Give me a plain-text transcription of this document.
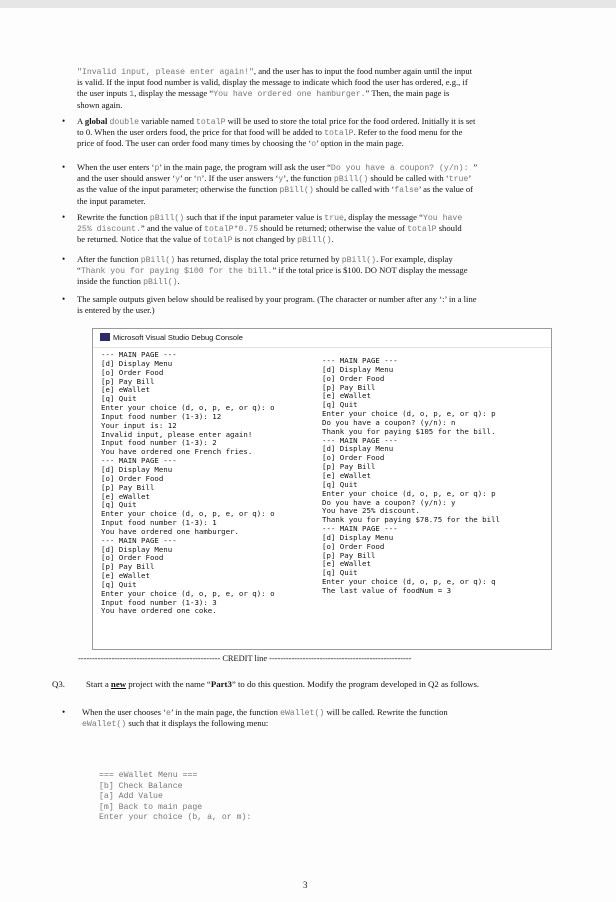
"Invalid input, please enter again!", and the user has to input the food number again until the input
is valid. If the input food number is valid, display the message to indicate which food the user has ordered, e.g., if
the user inputs 1, display the message “You have ordered one hamburger.” Then, the main page is
shown again.
• A global double variable named totalP will be used to store the total price for the food ordered. Initially it is set
to 0. When the user orders food, the price for that food will be added to totalP. Refer to the food menu for the
price of food. The user can order food many times by choosing the ‘o’ option in the main page.
• When the user enters ‘p’ in the main page, the program will ask the user “Do you have a coupon? (y/n): ”
and the user should answer ‘y’ or ‘n’. If the user answers ‘y’, the function pBill() should be called with ‘true’
as the value of the input parameter; otherwise the function pBill() should be called with ‘false’ as the value of
the input parameter.
• Rewrite the function pBill() such that if the input parameter value is true, display the message “You have
25% discount.” and the value of totalP*0.75 should be returned; otherwise the value of totalP should
be returned. Notice that the value of totalP is not changed by pBill().
• After the function pBill() has returned, display the total price returned by pBill(). For example, display
“Thank you for paying $100 for the bill.” if the total price is $100. DO NOT display the message
inside the function pBill().
• The sample outputs given below should be realised by your program. (The character or number after any ‘:’ in a line
is entered by the user.)
Microsoft Visual Studio Debug Console
--- MAIN PAGE ---
[d] Display Menu
[o] Order Food
[p] Pay Bill
[e] eWallet
[q] Quit
Enter your choice (d, o, p, e, or q): o
Input food number (1-3): 12
Your input is: 12
Invalid input, please enter again!
Input food number (1-3): 2
You have ordered one French fries.
--- MAIN PAGE ---
[d] Display Menu
[o] Order Food
[p] Pay Bill
[e] eWallet
[q] Quit
Enter your choice (d, o, p, e, or q): o
Input food number (1-3): 1
You have ordered one hamburger.
--- MAIN PAGE ---
[d] Display Menu
[o] Order Food
[p] Pay Bill
[e] eWallet
[q] Quit
Enter your choice (d, o, p, e, or q): o
Input food number (1-3): 3
You have ordered one coke.
--- MAIN PAGE ---
[d] Display Menu
[o] Order Food
[p] Pay Bill
[e] eWallet
[q] Quit
Enter your choice (d, o, p, e, or q): p
Do you have a coupon? (y/n): n
Thank you for paying $105 for the bill.
--- MAIN PAGE ---
[d] Display Menu
[o] Order Food
[p] Pay Bill
[e] eWallet
[q] Quit
Enter your choice (d, o, p, e, or q): p
Do you have a coupon? (y/n): y
You have 25% discount.
Thank you for paying $78.75 for the bill
--- MAIN PAGE ---
[d] Display Menu
[o] Order Food
[p] Pay Bill
[e] eWallet
[q] Quit
Enter your choice (d, o, p, e, or q): q
The last value of foodNum = 3
--------------------------------------------------- CREDIT line ---------------------------------------------------
Q3. Start a new project with the name “Part3” to do this question. Modify the program developed in Q2 as follows.
• When the user chooses ‘e’ in the main page, the function eWallet() will be called. Rewrite the function
eWallet() such that it displays the following menu:
=== eWallet Menu ===
[b] Check Balance
[a] Add Value
[m] Back to main page
Enter your choice (b, a, or m):
3
